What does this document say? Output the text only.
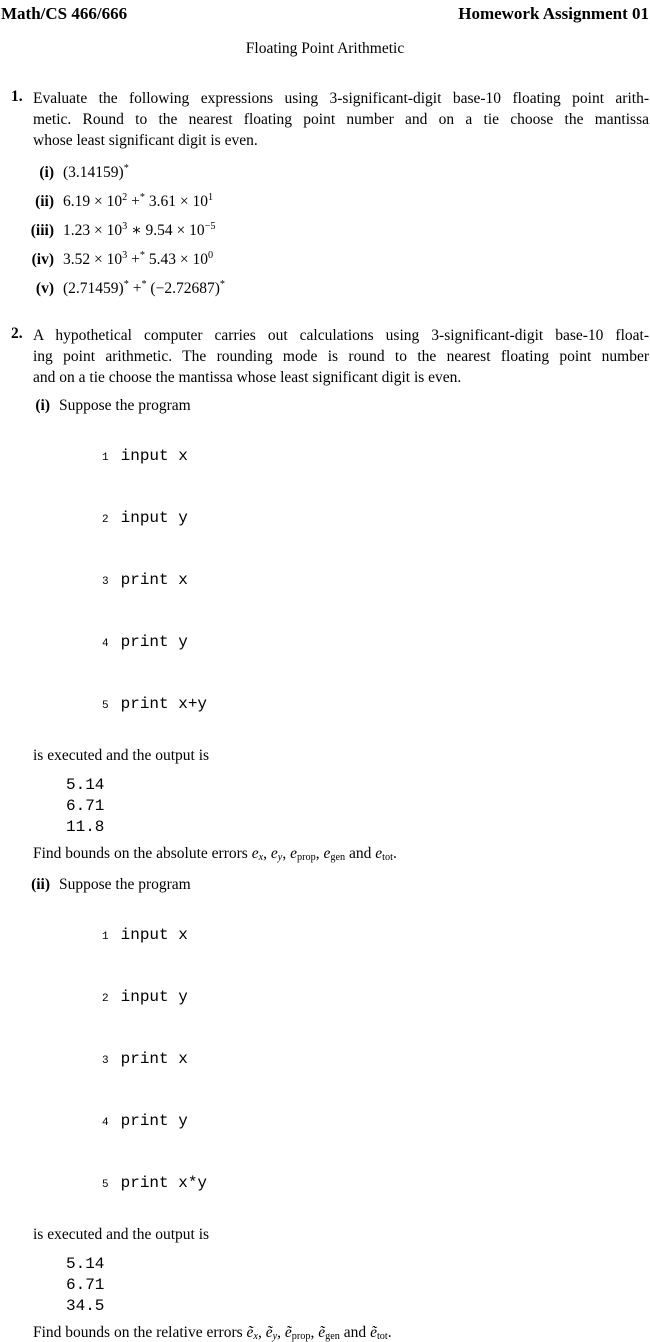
Math/CS 466/666	Homework Assignment 01
Floating Point Arithmetic
1. Evaluate the following expressions using 3-significant-digit base-10 floating point arith-
metic. Round to the nearest floating point number and on a tie choose the mantissa
whose least significant digit is even.
(i) (3.14159)*
(ii) $6.19 \times 10^2 +^*$ $3.61 \times 10^1$
(iii) $1.23 \times 10^3$ ∗ $9.54 \times 10^{-5}$
(iv) $3.52 \times 10^3 +^*$ $5.43 \times 10^0$
(v) (2.71459)* +* (−2.72687)*
2. A hypothetical computer carries out calculations using 3-significant-digit base-10 float-
ing point arithmetic. The rounding mode is round to the nearest floating point number
and on a tie choose the mantissa whose least significant digit is even.
(i) Suppose the program

1 input x

2 input y

3 print x

4 print y

5 print x+y

is executed and the output is
5.14
6.71
11.8
Find bounds on the absolute errors $e_x$, $e_y$, $e_{prop}$, $e_{gen}$ and $e_{tot}$.
(ii) Suppose the program

1 input x

2 input y

3 print x

4 print y

5 print x*y

is executed and the output is
5.14
6.71
34.5
Find bounds on the relative errors ẽ$_x$, ẽ$_y$, ẽ$_{prop}$, ẽ$_{gen}$ and ẽ$_{tot}$.
